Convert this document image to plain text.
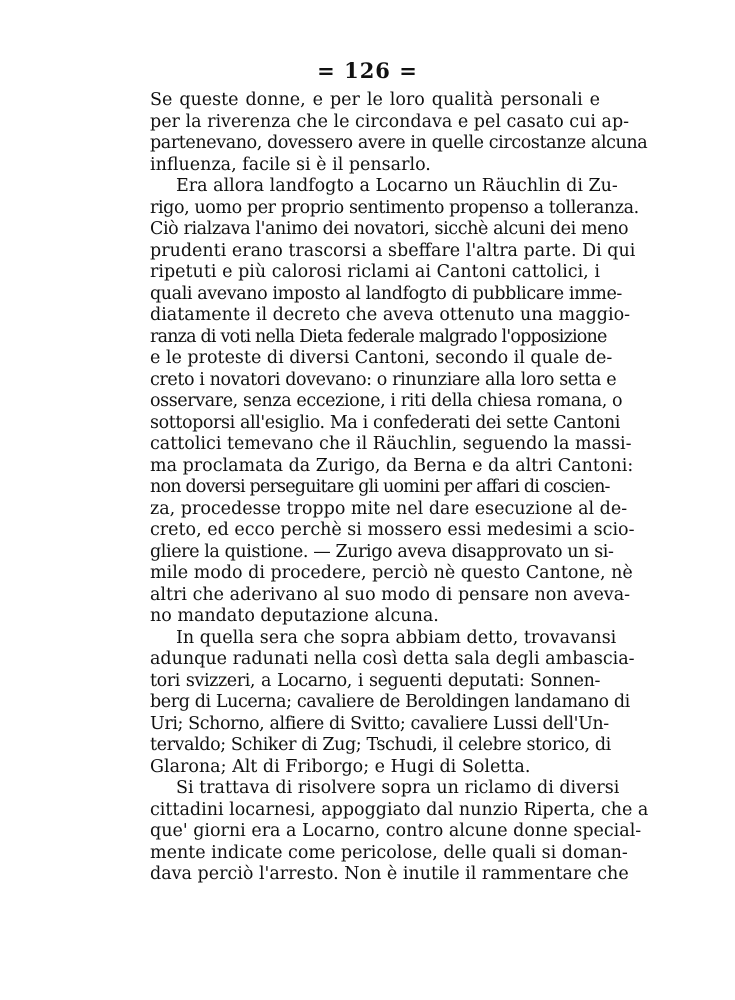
= 126 =
Se queste donne, e per le loro qualità personali e
per la riverenza che le circondava e pel casato cui ap-
partenevano, dovessero avere in quelle circostanze alcuna
influenza, facile si è il pensarlo.
Era allora landfogto a Locarno un Räuchlin di Zu-
rigo, uomo per proprio sentimento propenso a tolleranza.
Ciò rialzava l'animo dei novatori, sicchè alcuni dei meno
prudenti erano trascorsi a sbeffare l'altra parte. Di qui
ripetuti e più calorosi riclami ai Cantoni cattolici, i
quali avevano imposto al landfogto di pubblicare imme-
diatamente il decreto che aveva ottenuto una maggio-
ranza di voti nella Dieta federale malgrado l'opposizione
e le proteste di diversi Cantoni, secondo il quale de-
creto i novatori dovevano: o rinunziare alla loro setta e
osservare, senza eccezione, i riti della chiesa romana, o
sottoporsi all'esiglio. Ma i confederati dei sette Cantoni
cattolici temevano che il Räuchlin, seguendo la massi-
ma proclamata da Zurigo, da Berna e da altri Cantoni:
non doversi perseguitare gli uomini per affari di coscien-
za, procedesse troppo mite nel dare esecuzione al de-
creto, ed ecco perchè si mossero essi medesimi a scio-
gliere la quistione. — Zurigo aveva disapprovato un si-
mile modo di procedere, perciò nè questo Cantone, nè
altri che aderivano al suo modo di pensare non aveva-
no mandato deputazione alcuna.
In quella sera che sopra abbiam detto, trovavansi
adunque radunati nella così detta sala degli ambascia-
tori svizzeri, a Locarno, i seguenti deputati: Sonnen-
berg di Lucerna; cavaliere de Beroldingen landamano di
Uri; Schorno, alfiere di Svitto; cavaliere Lussi dell'Un-
tervaldo; Schiker di Zug; Tschudi, il celebre storico, di
Glarona; Alt di Friborgo; e Hugi di Soletta.
Si trattava di risolvere sopra un riclamo di diversi
cittadini locarnesi, appoggiato dal nunzio Riperta, che a
que' giorni era a Locarno, contro alcune donne special-
mente indicate come pericolose, delle quali si doman-
dava perciò l'arresto. Non è inutile il rammentare che
